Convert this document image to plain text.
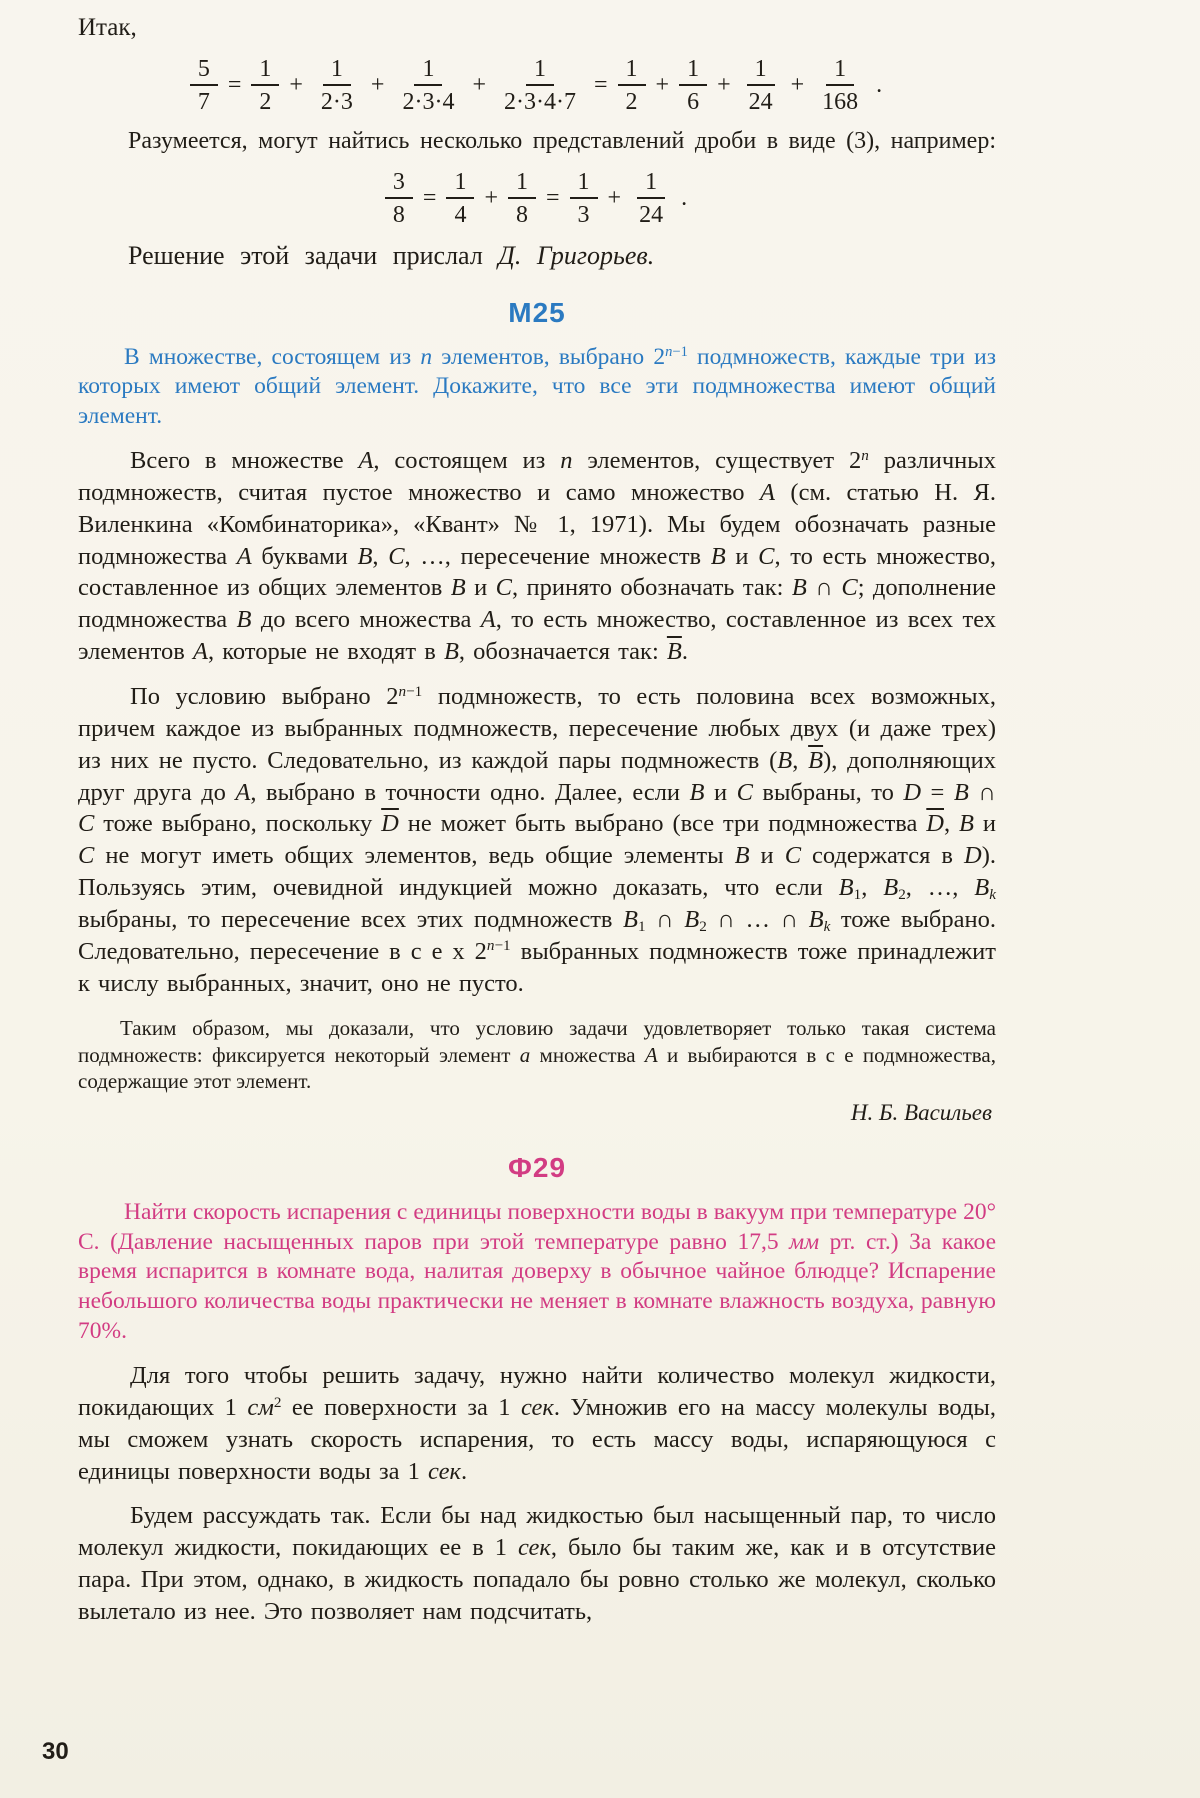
Итак,

$\frac{5}{7} = \frac{1}{2} + \frac{1}{2\cdot 3} + \frac{1}{2\cdot 3\cdot 4} + \frac{1}{2\cdot 3\cdot 4\cdot 7} = \frac{1}{2} + \frac{1}{6} + \frac{1}{24} + \frac{1}{168}$ .

Разумеется, могут найтись несколько представлений дроби в виде (3), например:

$\frac{3}{8} = \frac{1}{4} + \frac{1}{8} = \frac{1}{3} + \frac{1}{24}$ .

Решение этой задачи прислал Д. Григорьев.

М25

В множестве, состоящем из n элементов, выбрано $2^{n-1}$ подмножеств, каждые три из которых имеют общий элемент. Докажите, что все эти подмножества имеют общий элемент.

Всего в множестве A, состоящем из n элементов, существует 2$^n$ различных подмножеств, считая пустое множество и само множество A (см. статью Н. Я. Виленкина «Комбинаторика», «Квант» № 1, 1971). Мы будем обозначать разные подмножества A буквами B, C, …, пересечение множеств B и C, то есть множество, составленное из общих элементов B и C, принято обозначать так: B ∩ C; дополнение подмножества B до всего множества A, то есть множество, составленное из всех тех элементов A, которые не входят в B, обозначается так: $\overline{B}$.

По условию выбрано $2^{n-1}$ подмножеств, то есть половина всех возможных, причем каждое из выбранных подмножеств, пересечение любых двух (и даже трех) из них не пусто. Следовательно, из каждой пары подмножеств (B, $\overline{B}$), дополняющих друг друга до A, выбрано в точности одно. Далее, если B и C выбраны, то D = B ∩ C тоже выбрано, поскольку $\overline{D}$ не может быть выбрано (все три подмножества $\overline{D}$, B и C не могут иметь общих элементов, ведь общие элементы B и C содержатся в D). Пользуясь этим, очевидной индукцией можно доказать, что если B1, B2, …, Bk выбраны, то пересечение всех этих подмножеств B1 ∩ B2 ∩ … ∩ Bk тоже выбрано. Следовательно, пересечение в с е х $2^{n-1}$ выбранных подмножеств тоже принадлежит к числу выбранных, значит, оно не пусто.

Таким образом, мы доказали, что условию задачи удовлетворяет только такая система подмножеств: фиксируется некоторый элемент a множества A и выбираются в с е подмножества, содержащие этот элемент.

Н. Б. Васильев

Ф29

Найти скорость испарения с единицы поверхности воды в вакуум при температуре 20° С. (Давление насыщенных паров при этой температуре равно 17,5 мм рт. ст.) За какое время испарится в комнате вода, налитая доверху в обычное чайное блюдце? Испарение небольшого количества воды практически не меняет в комнате влажность воздуха, равную 70%.

Для того чтобы решить задачу, нужно найти количество молекул жидкости, покидающих 1 $см^2$ ее поверхности за 1 сек. Умножив его на массу молекулы воды, мы сможем узнать скорость испарения, то есть массу воды, испаряющуюся с единицы поверхности воды за 1 сек.

Будем рассуждать так. Если бы над жидкостью был насыщенный пар, то число молекул жидкости, покидающих ее в 1 сек, было бы таким же, как и в отсутствие пара. При этом, однако, в жидкость попадало бы ровно столько же молекул, сколько вылетало из нее. Это позволяет нам подсчитать,

30
